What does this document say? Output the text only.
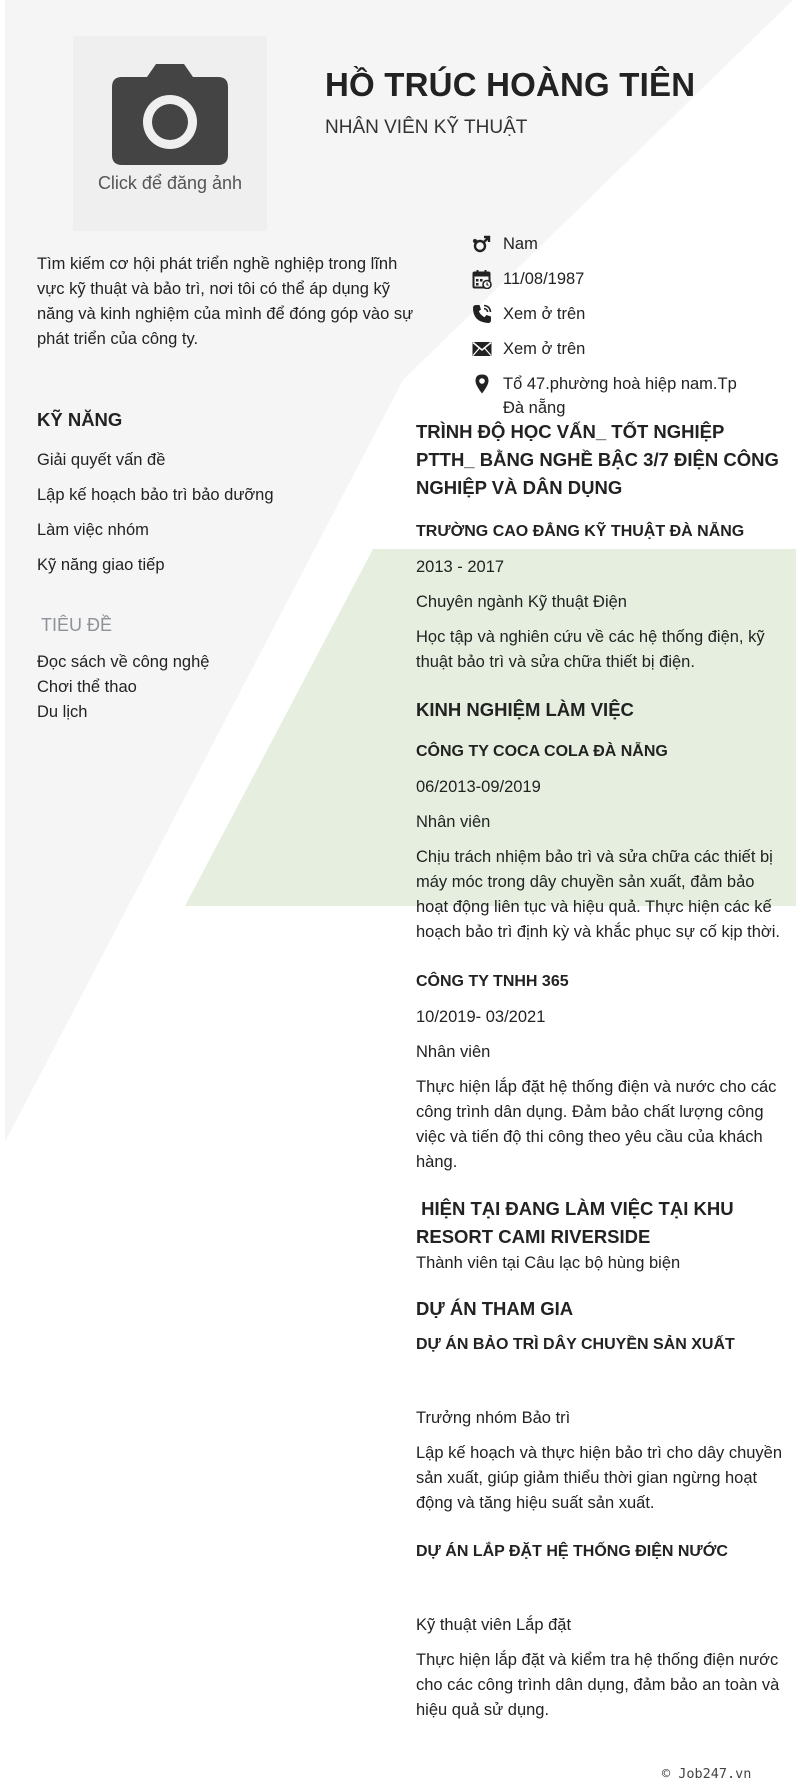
Click để đăng ảnh
HỒ TRÚC HOÀNG TIÊN
NHÂN VIÊN KỸ THUẬT
Tìm kiếm cơ hội phát triển nghề nghiệp trong lĩnh vực kỹ thuật và bảo trì, nơi tôi có thể áp dụng kỹ năng và kinh nghiệm của mình để đóng góp vào sự phát triển của công ty.
Nam
11/08/1987
Xem ở trên
Xem ở trên
Tổ 47.phường hoà hiệp nam.Tp
Đà nẵng
KỸ NĂNG
Giải quyết vấn đề
Lập kế hoạch bảo trì bảo dưỡng
Làm việc nhóm
Kỹ năng giao tiếp
TIÊU ĐỀ
Đọc sách về công nghệ
Chơi thể thao
Du lịch
TRÌNH ĐỘ HỌC VẤN_ TỐT NGHIỆP PTTH_ BẰNG NGHỀ BẬC 3/7 ĐIỆN CÔNG NGHIỆP VÀ DÂN DỤNG
TRƯỜNG CAO ĐẲNG KỸ THUẬT ĐÀ NẴNG
2013 - 2017
Chuyên ngành Kỹ thuật Điện
Học tập và nghiên cứu về các hệ thống điện, kỹ thuật bảo trì và sửa chữa thiết bị điện.
KINH NGHIỆM LÀM VIỆC
CÔNG TY COCA COLA ĐÀ NẴNG
06/2013-09/2019
Nhân viên
Chịu trách nhiệm bảo trì và sửa chữa các thiết bị máy móc trong dây chuyền sản xuất, đảm bảo hoạt động liên tục và hiệu quả. Thực hiện các kế hoạch bảo trì định kỳ và khắc phục sự cố kịp thời.
CÔNG TY TNHH 365
10/2019- 03/2021
Nhân viên
Thực hiện lắp đặt hệ thống điện và nước cho các công trình dân dụng. Đảm bảo chất lượng công việc và tiến độ thi công theo yêu cầu của khách hàng.
HIỆN TẠI ĐANG LÀM VIỆC TẠI KHU RESORT CAMI RIVERSIDE
Thành viên tại Câu lạc bộ hùng biện
DỰ ÁN THAM GIA
DỰ ÁN BẢO TRÌ DÂY CHUYỀN SẢN XUẤT
Trưởng nhóm Bảo trì
Lập kế hoạch và thực hiện bảo trì cho dây chuyền sản xuất, giúp giảm thiểu thời gian ngừng hoạt động và tăng hiệu suất sản xuất.
DỰ ÁN LẮP ĐẶT HỆ THỐNG ĐIỆN NƯỚC
Kỹ thuật viên Lắp đặt
Thực hiện lắp đặt và kiểm tra hệ thống điện nước cho các công trình dân dụng, đảm bảo an toàn và hiệu quả sử dụng.
© Job247.vn
